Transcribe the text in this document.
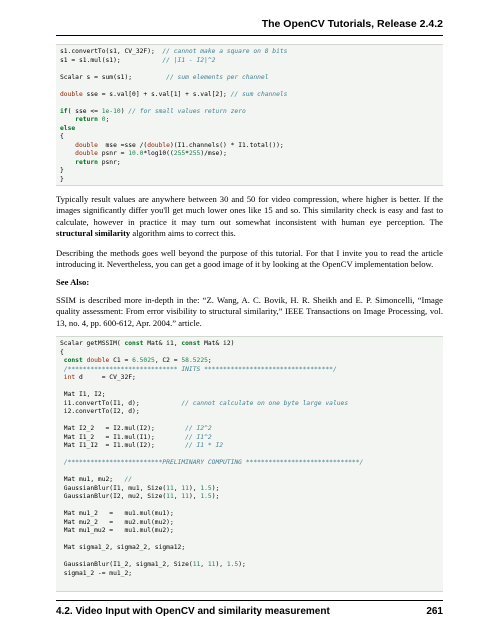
The OpenCV Tutorials, Release 2.4.2
s1.convertTo(s1, CV_32F);  // cannot make a square on 8 bits
s1 = s1.mul(s1);           // |I1 - I2|^2

Scalar s = sum(s1);         // sum elements per channel

double sse = s.val[0] + s.val[1] + s.val[2]; // sum channels

if( sse <= 1e-10) // for small values return zero
return 0;
else
{
double  mse =sse /(double)(I1.channels() * I1.total());
double psnr = 10.0*log10((255*255)/mse);
return psnr;
}
}

Typically result values are anywhere between 30 and 50 for video compression, where higher is better. If the images significantly differ you'll get much lower ones like 15 and so. This similarity check is easy and fast to calculate, however in practice it may turn out somewhat inconsistent with human eye perception. The structural similarity algorithm aims to correct this.

Describing the methods goes well beyond the purpose of this tutorial. For that I invite you to read the article introducing it. Nevertheless, you can get a good image of it by looking at the OpenCV implementation below.

See Also:

SSIM is described more in-depth in the: “Z. Wang, A. C. Bovik, H. R. Sheikh and E. P. Simoncelli, “Image quality assessment: From error visibility to structural similarity,” IEEE Transactions on Image Processing, vol. 13, no. 4, pp. 600-612, Apr. 2004.” article.

Scalar getMSSIM( const Mat& i1, const Mat& i2)
{
const double C1 = 6.5025, C2 = 58.5225;
/***************************** INITS **********************************/
int d     = CV_32F;

Mat I1, I2;
i1.convertTo(I1, d);           // cannot calculate on one byte large values
i2.convertTo(I2, d);

Mat I2_2   = I2.mul(I2);        // I2^2
Mat I1_2   = I1.mul(I1);        // I1^2
Mat I1_I2  = I1.mul(I2);        // I1 * I2

/*************************PRELIMINARY COMPUTING ******************************/

Mat mu1, mu2;   //
GaussianBlur(I1, mu1, Size(11, 11), 1.5);
GaussianBlur(I2, mu2, Size(11, 11), 1.5);

Mat mu1_2   =   mu1.mul(mu1);
Mat mu2_2   =   mu2.mul(mu2);
Mat mu1_mu2 =   mu1.mul(mu2);

Mat sigma1_2, sigma2_2, sigma12;

GaussianBlur(I1_2, sigma1_2, Size(11, 11), 1.5);
sigma1_2 -= mu1_2;
4.2. Video Input with OpenCV and similarity measurement	261
